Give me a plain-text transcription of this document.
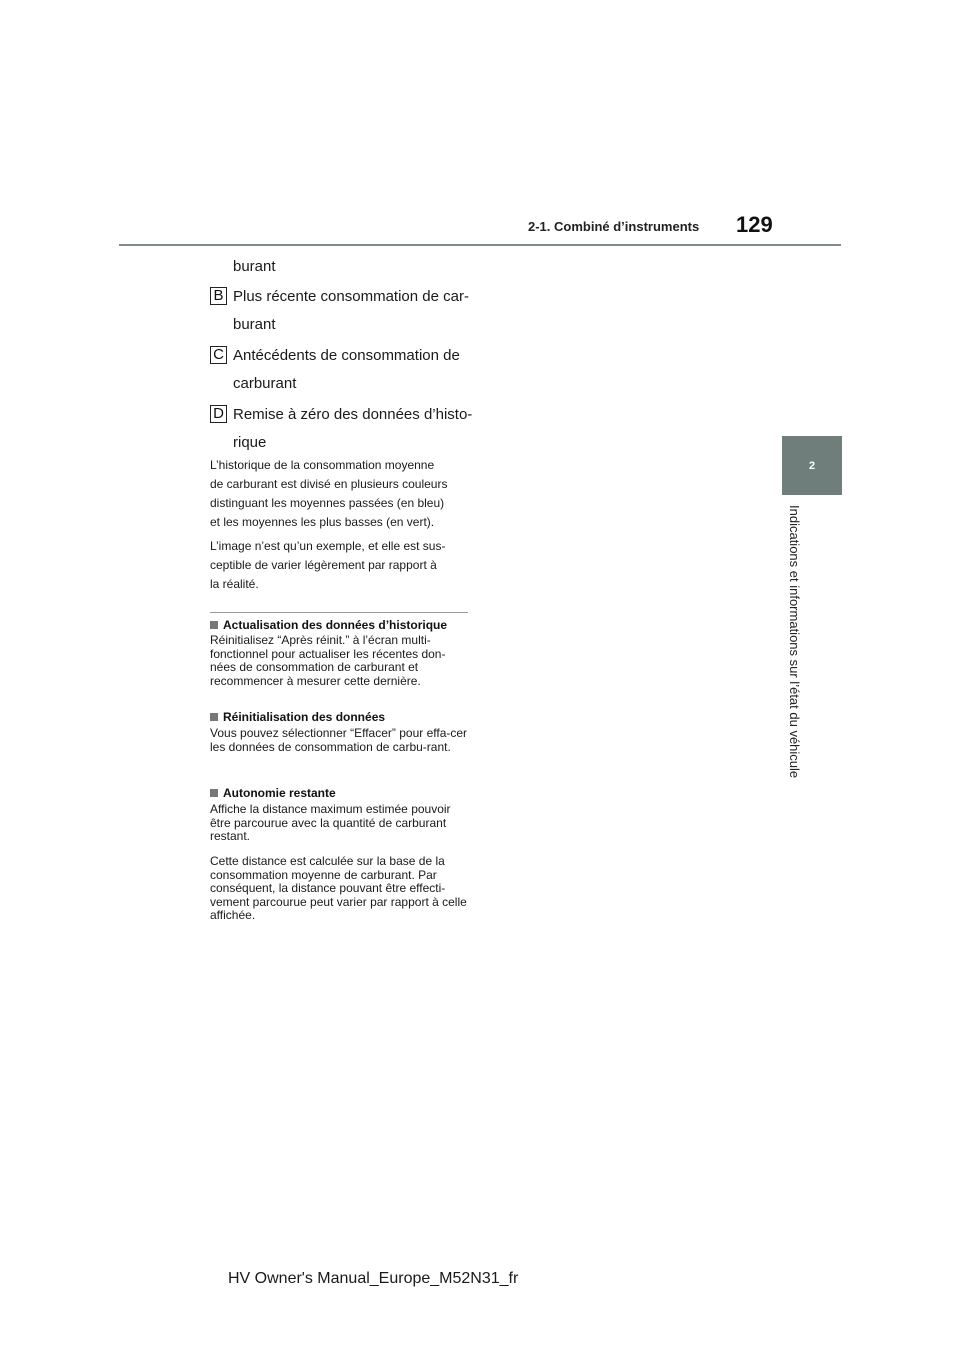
2-1. Combiné d’instruments 129
2
Indications et informations sur l’état du véhicule
burant
B Plus récente consommation de car-
burant
C Antécédents de consommation de
carburant
D Remise à zéro des données d’histo-
rique
L’historique de la consommation moyenne
de carburant est divisé en plusieurs couleurs
distinguant les moyennes passées (en bleu)
et les moyennes les plus basses (en vert).
L’image n’est qu’un exemple, et elle est sus-
ceptible de varier légèrement par rapport à
la réalité.
Actualisation des données d’historique
Réinitialisez “Après réinit.” à l’écran multi-fonctionnel pour actualiser les récentes don-nées de consommation de carburant et recommencer à mesurer cette dernière.
Réinitialisation des données
Vous pouvez sélectionner “Effacer” pour effa-cer les données de consommation de carbu-rant.
Autonomie restante
Affiche la distance maximum estimée pouvoir être parcourue avec la quantité de carburant restant.
Cette distance est calculée sur la base de la consommation moyenne de carburant. Par conséquent, la distance pouvant être effecti-vement parcourue peut varier par rapport à celle affichée.
HV Owner's Manual_Europe_M52N31_fr
